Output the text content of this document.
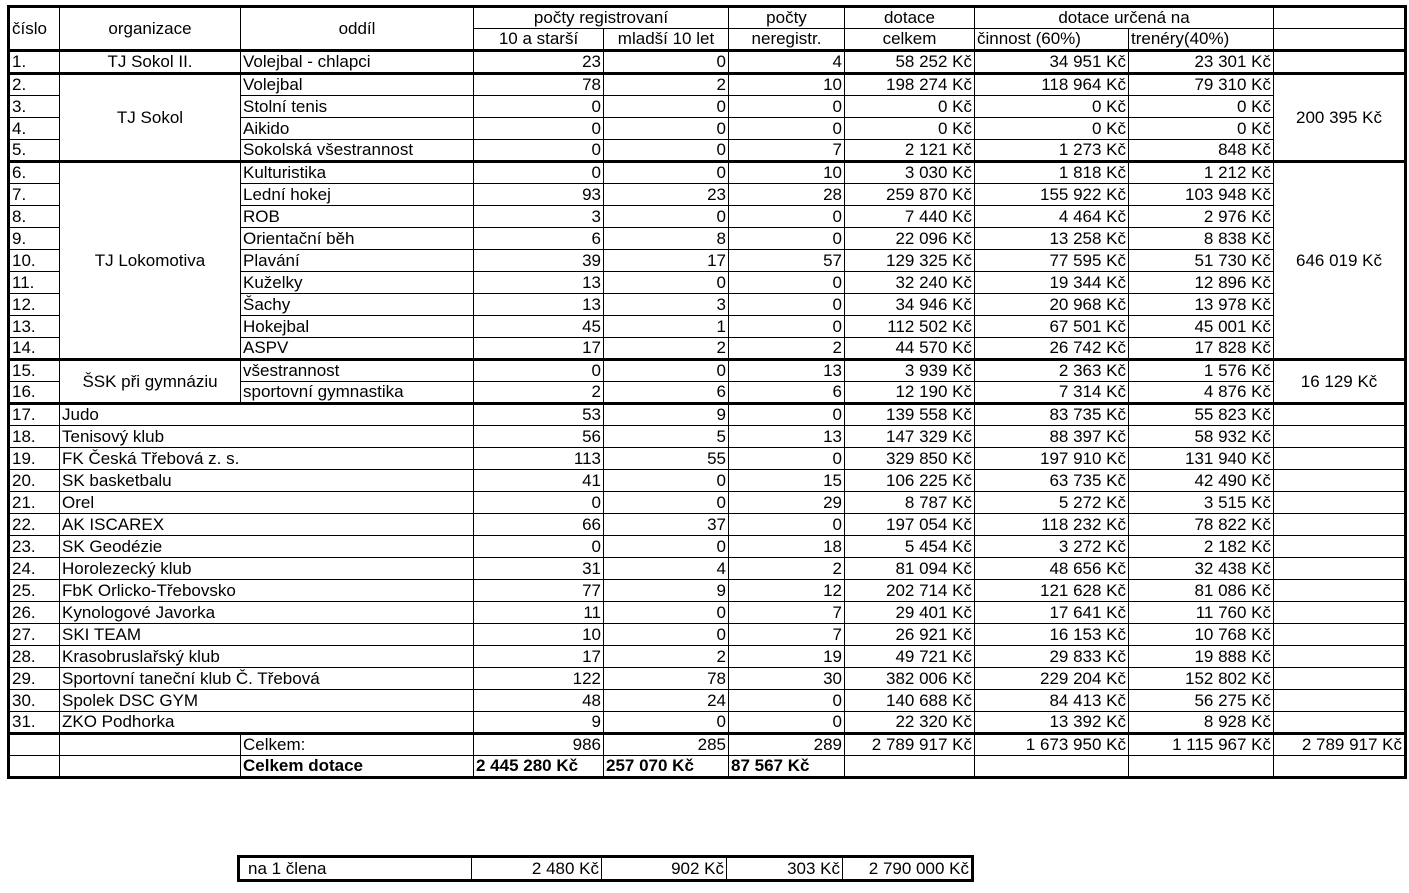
číslo	organizace	oddíl	počty registrovaní		počty	dotace	dotace určená na		
			10 a starší	mladší 10 let	neregistr.	celkem	činnost (60%)	trenéry(40%)	
1.	TJ Sokol II.	Volejbal - chlapci	23	0	4	58 252 Kč	34 951 Kč	23 301 Kč	
2.	TJ Sokol	Volejbal	78	2	10	198 274 Kč	118 964 Kč	79 310 Kč	200 395 Kč
3.		Stolní tenis	0	0	0	0 Kč	0 Kč	0 Kč	
4.		Aikido	0	0	0	0 Kč	0 Kč	0 Kč	
5.		Sokolská všestrannost	0	0	7	2 121 Kč	1 273 Kč	848 Kč	
6.	TJ Lokomotiva	Kulturistika	0	0	10	3 030 Kč	1 818 Kč	1 212 Kč	646 019 Kč
7.		Lední hokej	93	23	28	259 870 Kč	155 922 Kč	103 948 Kč	
8.		ROB	3	0	0	7 440 Kč	4 464 Kč	2 976 Kč	
9.		Orientační běh	6	8	0	22 096 Kč	13 258 Kč	8 838 Kč	
10.		Plavání	39	17	57	129 325 Kč	77 595 Kč	51 730 Kč	
11.		Kuželky	13	0	0	32 240 Kč	19 344 Kč	12 896 Kč	
12.		Šachy	13	3	0	34 946 Kč	20 968 Kč	13 978 Kč	
13.		Hokejbal	45	1	0	112 502 Kč	67 501 Kč	45 001 Kč	
14.		ASPV	17	2	2	44 570 Kč	26 742 Kč	17 828 Kč	
15.	ŠSK při gymnáziu	všestrannost	0	0	13	3 939 Kč	2 363 Kč	1 576 Kč	16 129 Kč
16.		sportovní gymnastika	2	6	6	12 190 Kč	7 314 Kč	4 876 Kč	
17.	Judo		53	9	0	139 558 Kč	83 735 Kč	55 823 Kč	
18.	Tenisový klub		56	5	13	147 329 Kč	88 397 Kč	58 932 Kč	
19.	FK Česká Třebová z. s.		113	55	0	329 850 Kč	197 910 Kč	131 940 Kč	
20.	SK basketbalu		41	0	15	106 225 Kč	63 735 Kč	42 490 Kč	
21.	Orel		0	0	29	8 787 Kč	5 272 Kč	3 515 Kč	
22.	AK ISCAREX		66	37	0	197 054 Kč	118 232 Kč	78 822 Kč	
23.	SK Geodézie		0	0	18	5 454 Kč	3 272 Kč	2 182 Kč	
24.	Horolezecký klub		31	4	2	81 094 Kč	48 656 Kč	32 438 Kč	
25.	FbK Orlicko-Třebovsko		77	9	12	202 714 Kč	121 628 Kč	81 086 Kč	
26.	Kynologové Javorka		11	0	7	29 401 Kč	17 641 Kč	11 760 Kč	
27.	SKI TEAM		10	0	7	26 921 Kč	16 153 Kč	10 768 Kč	
28.	Krasobruslařský klub		17	2	19	49 721 Kč	29 833 Kč	19 888 Kč	
29.	Sportovní taneční klub Č. Třebová		122	78	30	382 006 Kč	229 204 Kč	152 802 Kč	
30.	Spolek DSC GYM		48	24	0	140 688 Kč	84 413 Kč	56 275 Kč	
31.	ZKO Podhorka		9	0	0	22 320 Kč	13 392 Kč	8 928 Kč	
		Celkem:	986	285	289	2 789 917 Kč	1 673 950 Kč	1 115 967 Kč	2 789 917 Kč
		Celkem dotace	2 445 280 Kč	257 070 Kč	87 567 Kč				
na 1 člena	2 480 Kč	902 Kč	303 Kč	2 790 000 Kč
